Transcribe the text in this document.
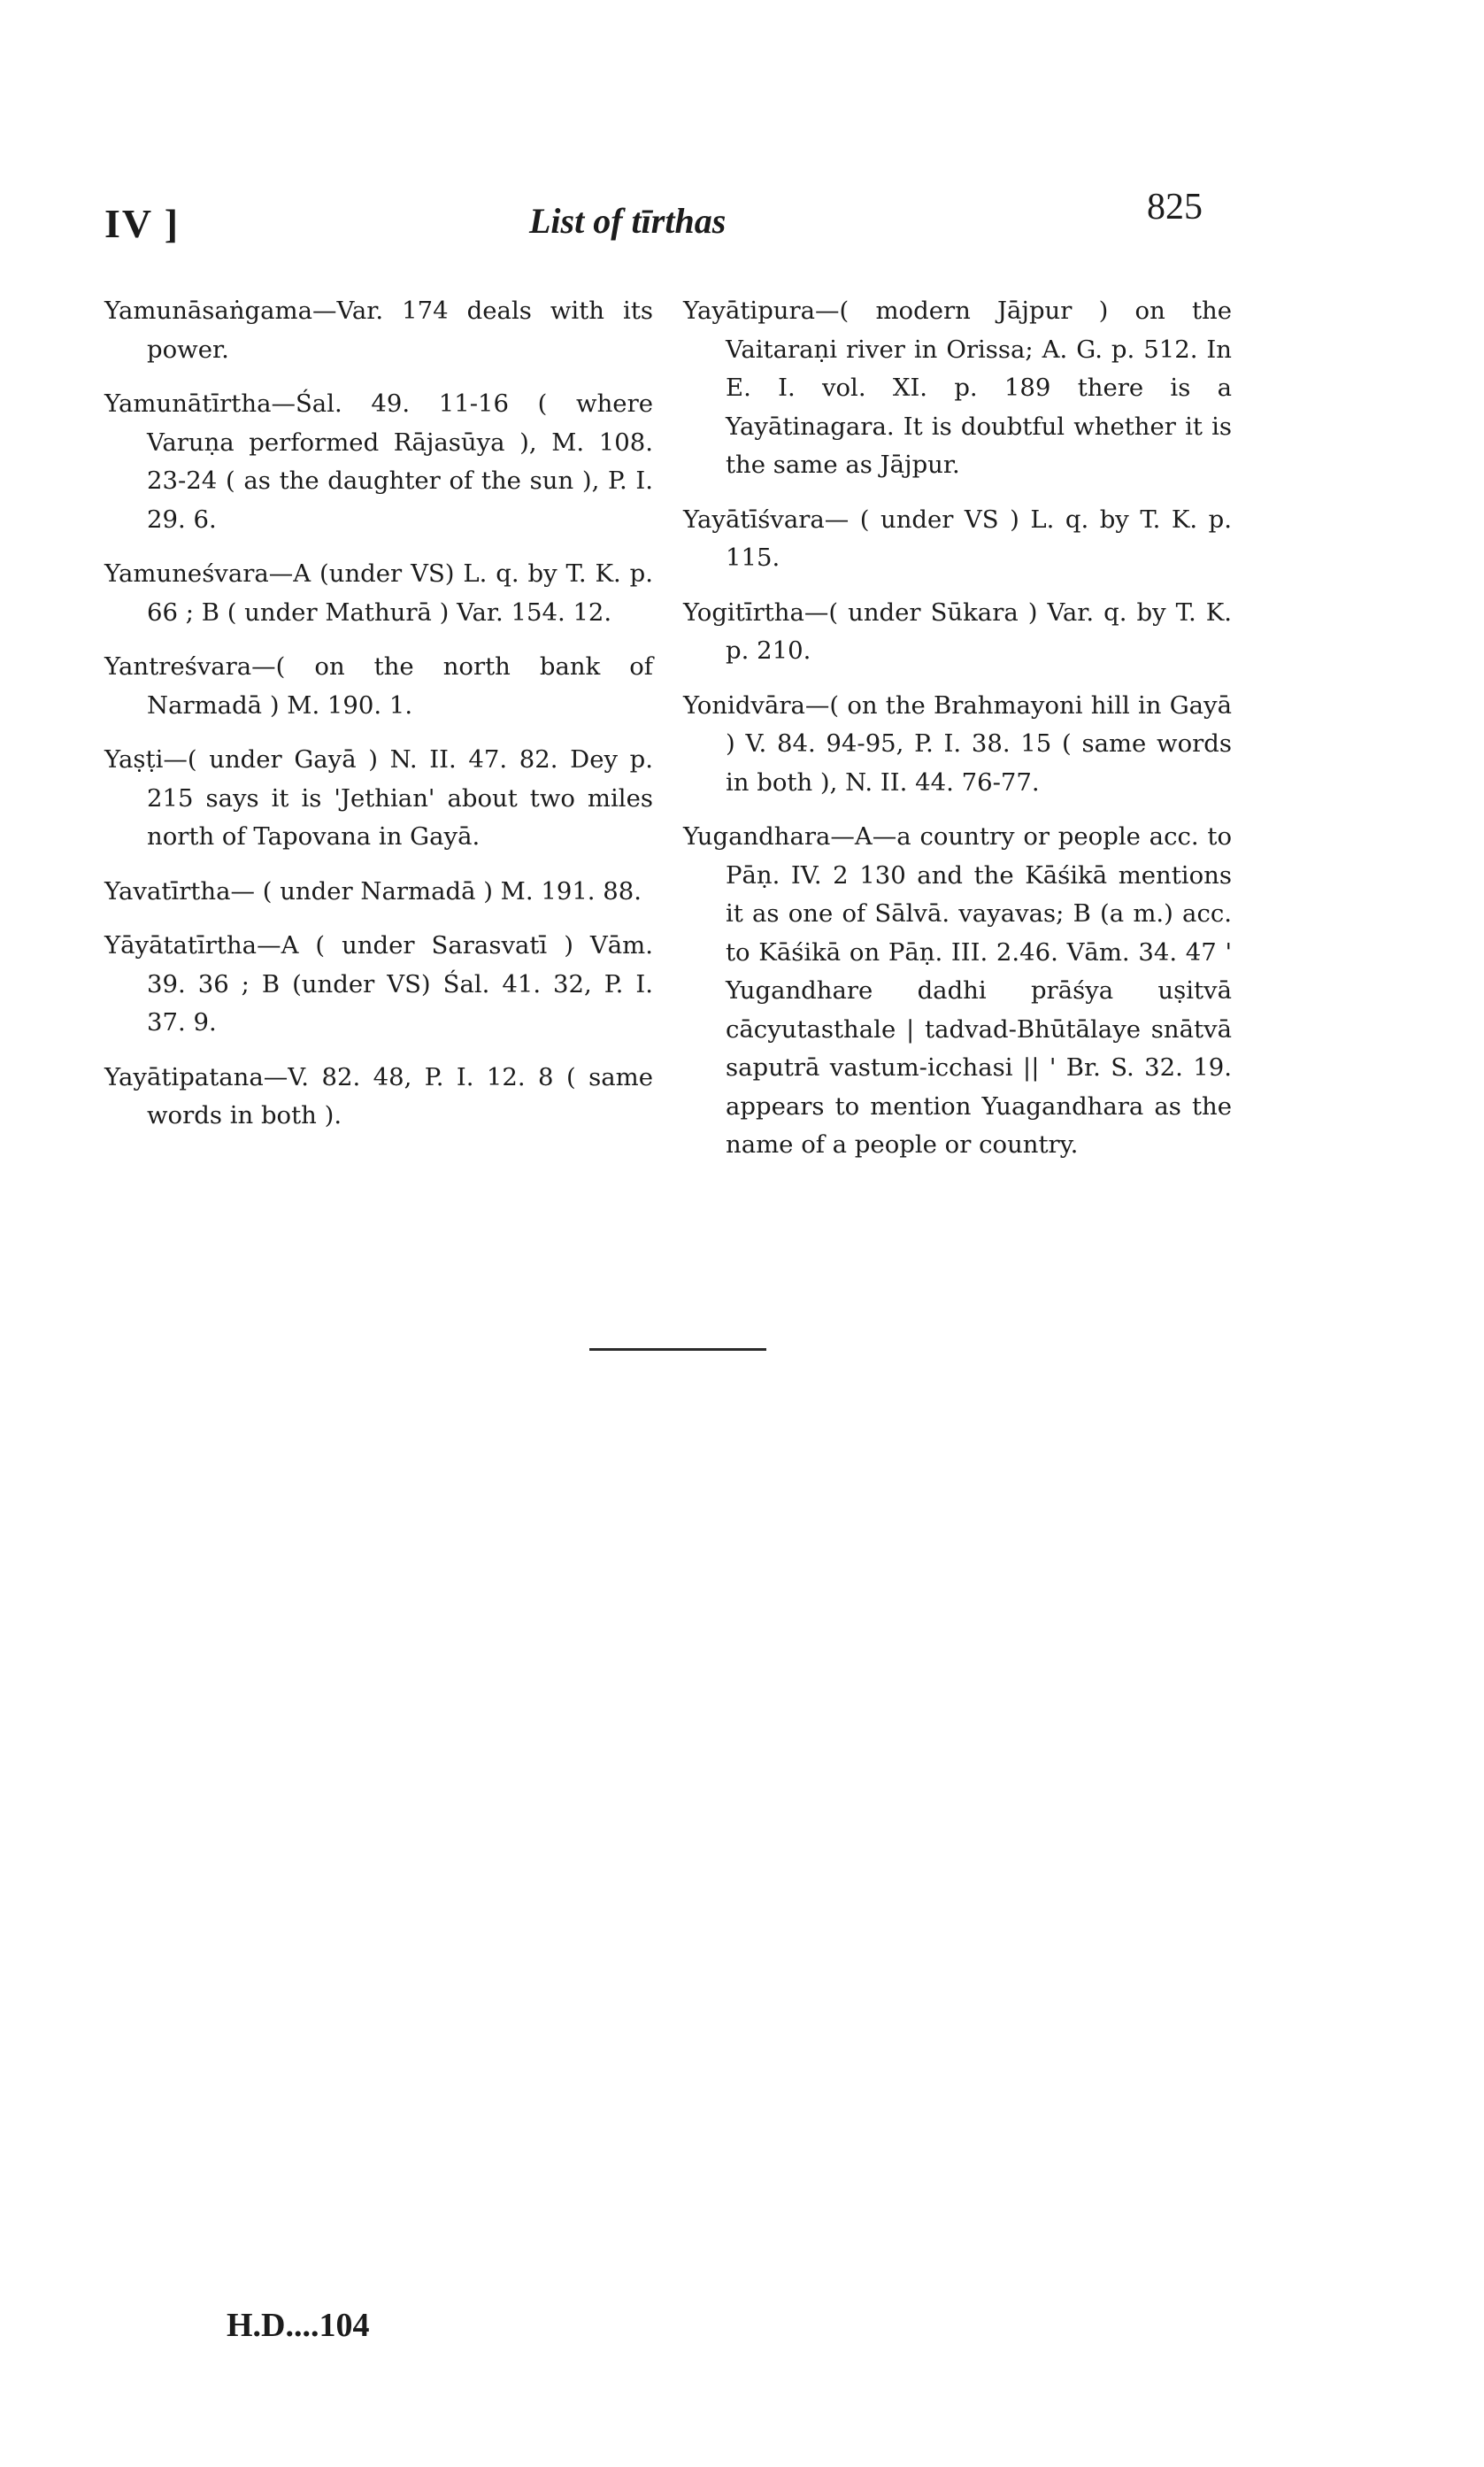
IV ]	List of tīrthas	825

Yamunāsaṅgama—Var. 174 deals with its power.

Yamunātīrtha—Śal. 49. 11-16 ( where Varuṇa performed Rājasūya ), M. 108. 23-24 ( as the daughter of the sun ), P. I. 29. 6.

Yamuneśvara—A (under VS) L. q. by T. K. p. 66 ; B ( under Mathurā ) Var. 154. 12.

Yantreśvara—( on the north bank of Narmadā ) M. 190. 1.

Yaṣṭi—( under Gayā ) N. II. 47. 82. Dey p. 215 says it is 'Jethian' about two miles north of Tapovana in Gayā.

Yavatīrtha— ( under Narmadā ) M. 191. 88.

Yāyātatīrtha—A ( under Sarasvatī ) Vām. 39. 36 ; B (under VS) Śal. 41. 32, P. I. 37. 9.

Yayātipatana—V. 82. 48, P. I. 12. 8 ( same words in both ).

Yayātipura—( modern Jājpur ) on the Vaitaraṇi river in Orissa; A. G. p. 512. In E. I. vol. XI. p. 189 there is a Yayātinagara. It is doubtful whether it is the same as Jājpur.

Yayātīśvara— ( under VS ) L. q. by T. K. p. 115.

Yogitīrtha—( under Sūkara ) Var. q. by T. K. p. 210.

Yonidvāra—( on the Brahmayoni hill in Gayā ) V. 84. 94-95, P. I. 38. 15 ( same words in both ), N. II. 44. 76-77.

Yugandhara—A—a country or people acc. to Pāṇ. IV. 2 130 and the Kāśikā mentions it as one of Sālvā. vayavas; B (a m.) acc. to Kāśikā on Pāṇ. III. 2.46. Vām. 34. 47 ' Yugandhare dadhi prāśya uṣitvā cācyutasthale | tadvad-Bhūtālaye snātvā saputrā vastum-icchasi || ' Br. S. 32. 19. appears to mention Yuagandhara as the name of a people or country.

H.D....104
